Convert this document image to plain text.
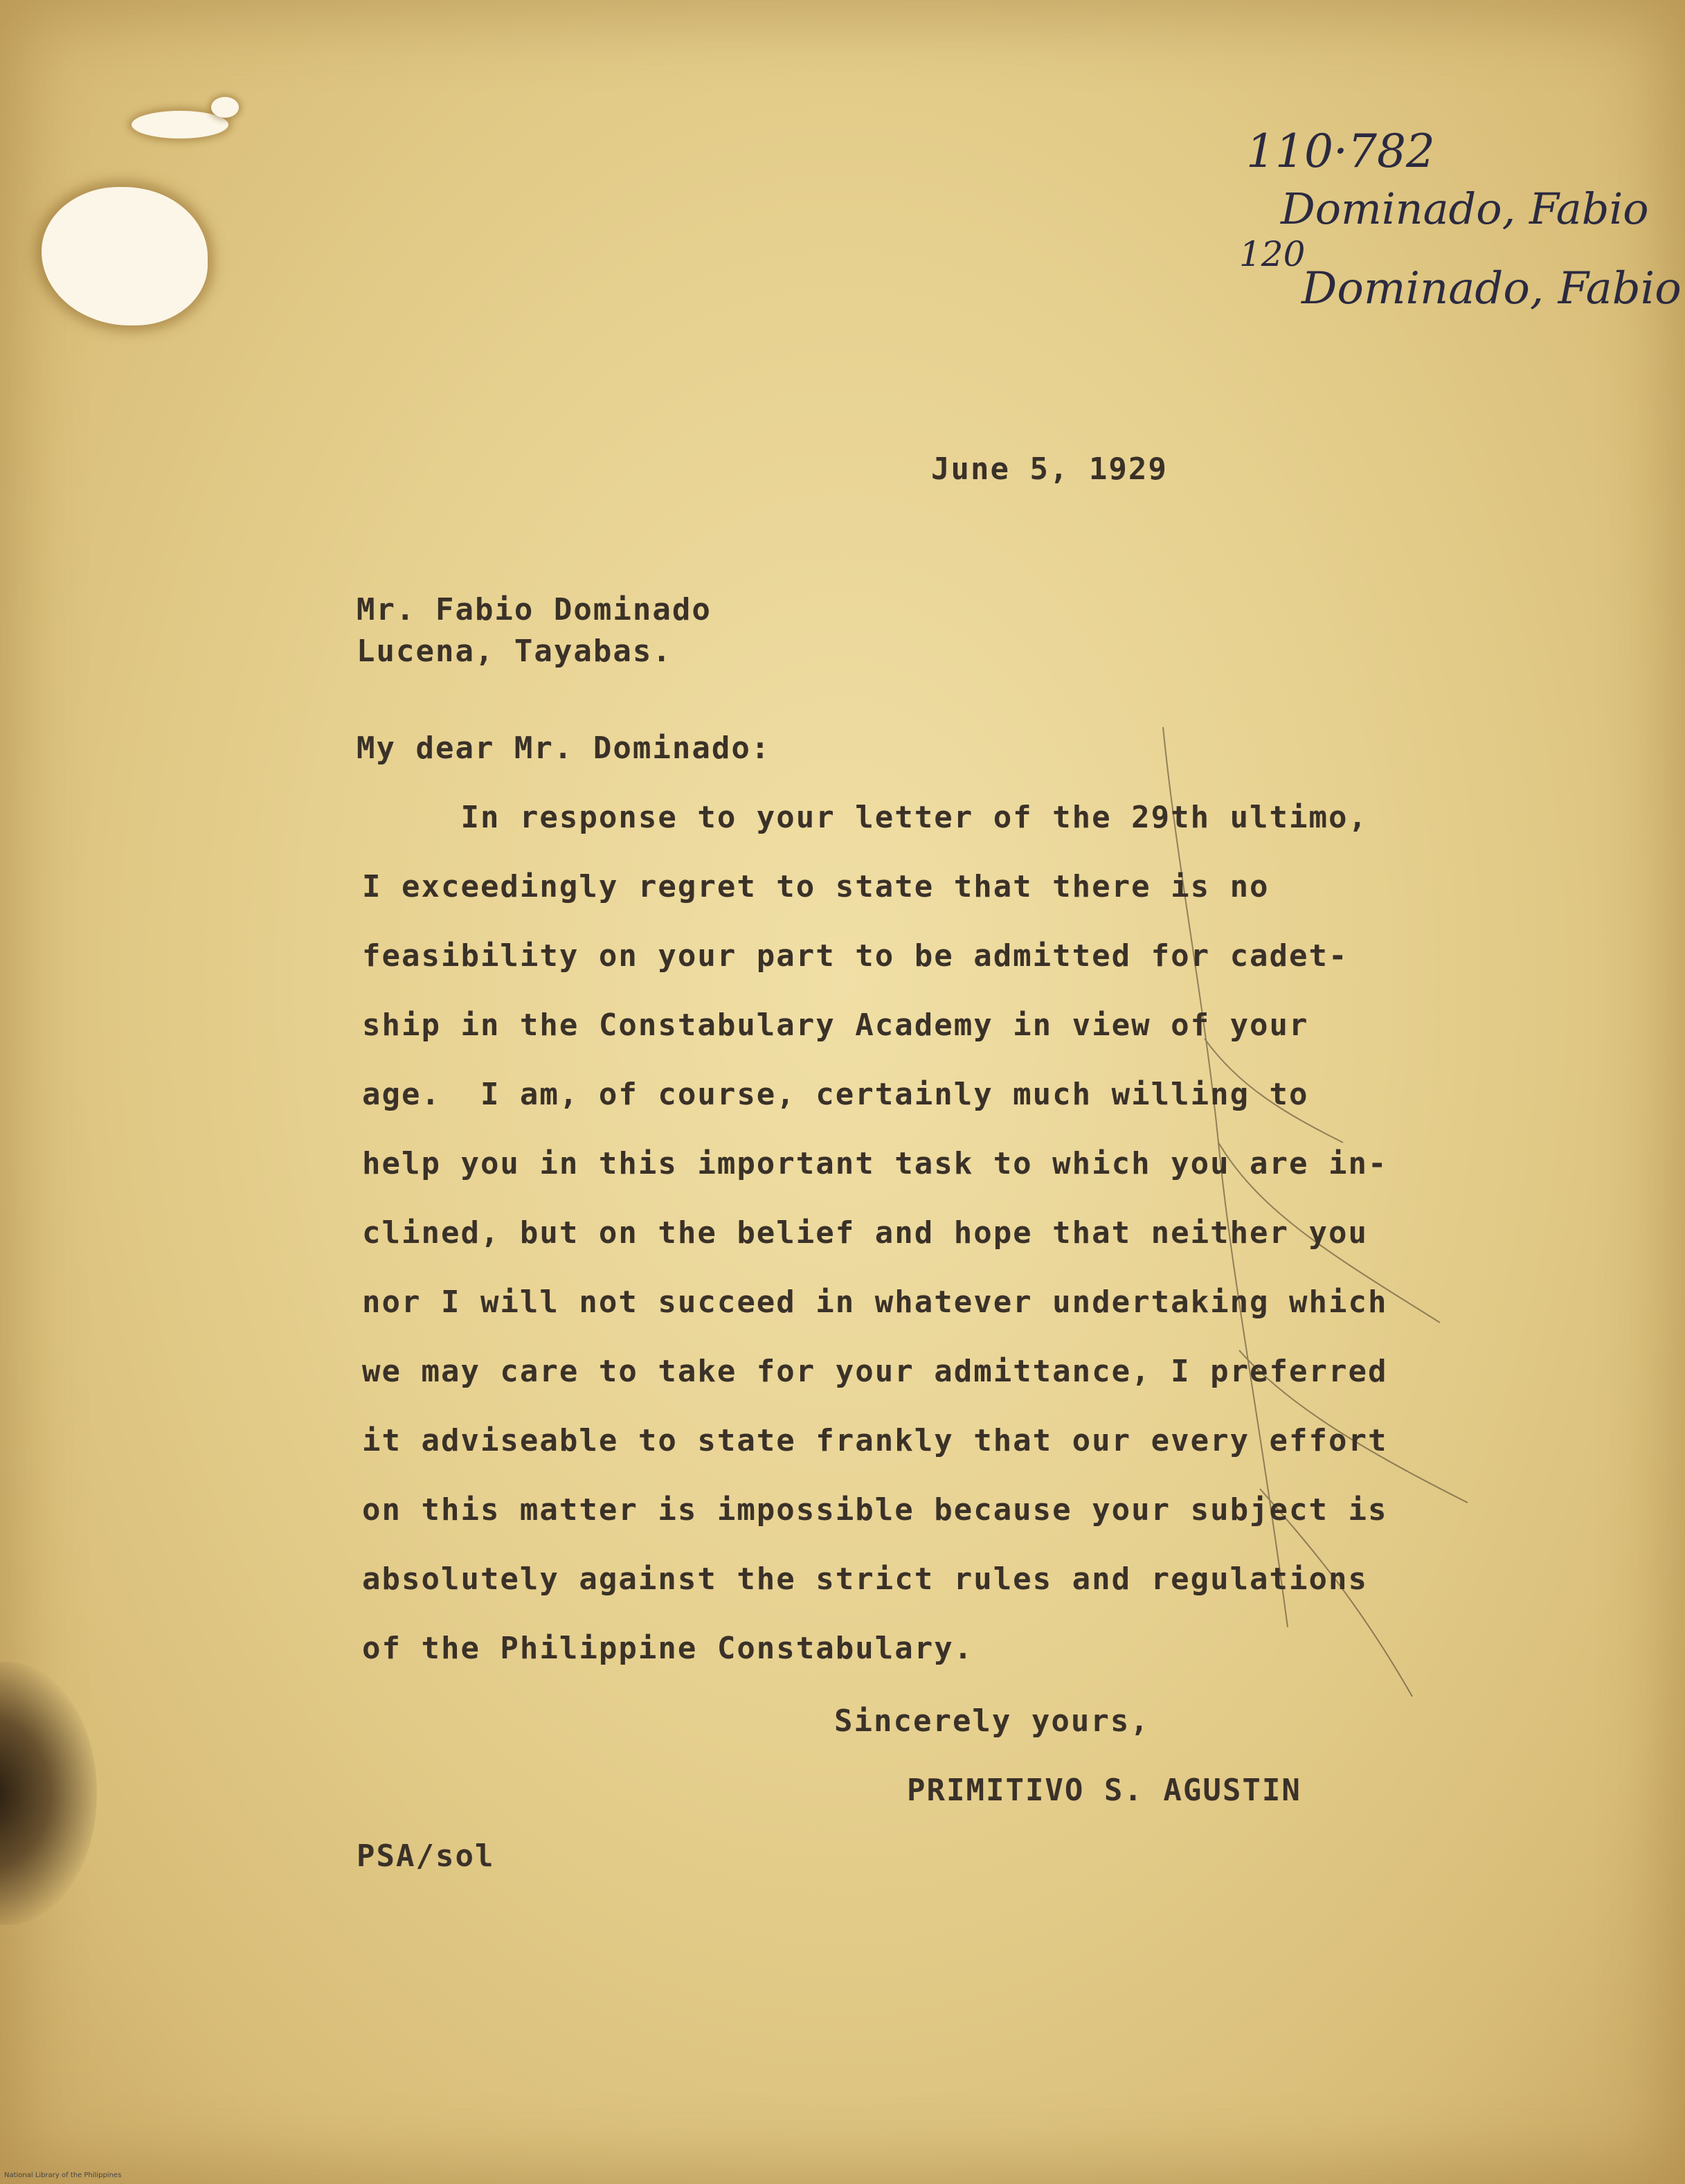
110·782

Dominado, Fabio

120

Dominado, Fabio

June 5, 1929

Mr. Fabio Dominado

Lucena, Tayabas.

My dear Mr. Dominado:

In response to your letter of the 29th ultimo,

I exceedingly regret to state that there is no

feasibility on your part to be admitted for cadet-

ship in the Constabulary Academy in view of your

age.  I am, of course, certainly much willing to

help you in this important task to which you are in-

clined, but on the belief and hope that neither you

nor I will not succeed in whatever undertaking which

we may care to take for your admittance, I preferred

it adviseable to state frankly that our every effort

on this matter is impossible because your subject is

absolutely against the strict rules and regulations

of the Philippine Constabulary.

Sincerely yours,

PRIMITIVO S. AGUSTIN

PSA/sol

National Library of the Philippines
